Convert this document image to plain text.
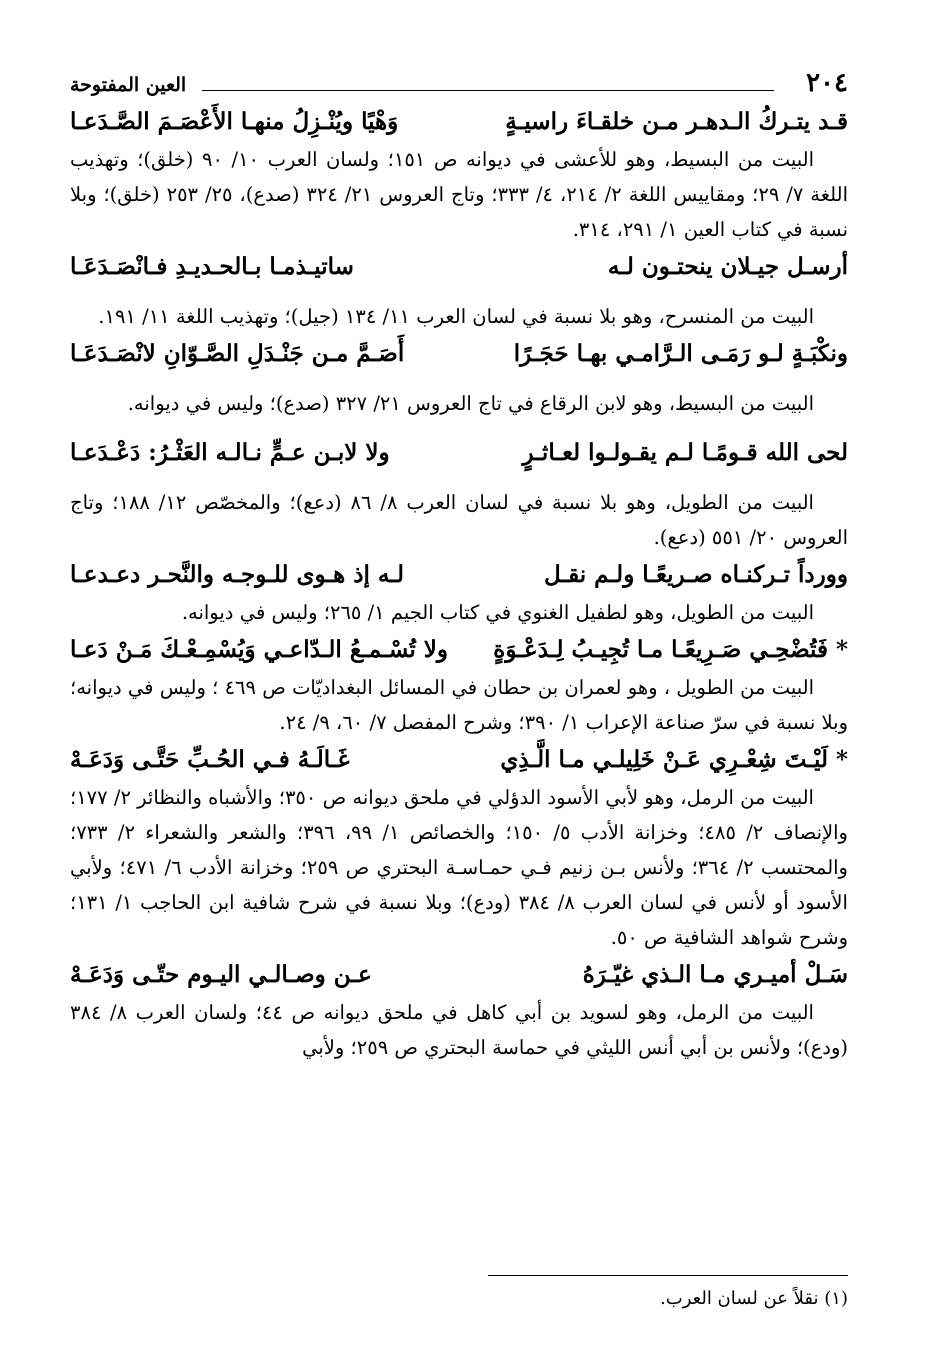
٢٠٤
العين المفتوحة
قـد يتـركُ الـدهـر مـن خلقـاءَ راسيـةٍ
وَهْيًا ويُنْـزِلُ منهـا الأَعْصَـمَ الصَّـدَعـا

البيت من البسيط، وهو للأعشى في ديوانه ص ١٥١؛ ولسان العرب ١٠/ ٩٠ (خلق)؛ وتهذيب اللغة ٧/ ٢٩؛ ومقاييس اللغة ٢/ ٢١٤، ٤/ ٣٣٣؛ وتاج العروس ٢١/ ٣٢٤ (صدع)، ٢٥/ ٢٥٣ (خلق)؛ وبلا نسبة في كتاب العين ١/ ٢٩١، ٣١٤.

أرسـل جيـلان ينحتـون لـه
ساتيـذمـا بـالحـديـدِ فـانْصَـدَعَـا

البيت من المنسرح، وهو بلا نسبة في لسان العرب ١١/ ١٣٤ (جيل)؛ وتهذيب اللغة ١١/ ١٩١.

ونكْبَـةٍ لـو رَمَـى الـرَّامـي بهـا حَجَـرًا
أَصَـمَّ مـن جَنْـدَلِ الصَّـوّانِ لانْصَـدَعَـا

البيت من البسيط، وهو لابن الرقاع في تاج العروس ٢١/ ٣٢٧ (صدع)؛ وليس في ديوانه.

لحى الله قـومًـا لـم يقـولـوا لعـاثـرٍ
ولا لابـن عـمٍّ نـالـه العَثْـرُ: دَعْـدَعـا

البيت من الطويل، وهو بلا نسبة في لسان العرب ٨/ ٨٦ (دعع)؛ والمخصّص ١٢/ ١٨٨؛ وتاج العروس ٢٠/ ٥٥١ (دعع).

وورداً تـركنـاه صـريعًـا ولـم نقـل
لـه إذ هـوى للـوجـه والنَّحـر دعـدعـا

البيت من الطويل، وهو لطفيل الغنوي في كتاب الجيم ١/ ٢٦٥؛ وليس في ديوانه.

* فَتُضْحِـي صَـرِيعًـا مـا تُجِيـبُ لِـدَعْـوَةٍ
ولا تُسْـمـعُ الـدّاعـي وَيُسْمِـعْـكَ مَـنْ دَعـا

البيت من الطويل ، وهو لعمران بن حطان في المسائل البغداديّات ص ٤٦٩ ؛ وليس في ديوانه؛ وبلا نسبة في سرّ صناعة الإعراب ١/ ٣٩٠؛ وشرح المفصل ٧/ ٦٠، ٩/ ٢٤.

* لَيْـتَ شِعْـرِي عَـنْ خَلِيلـي مـا الَّـذِي
غَـالَـهُ فـي الحُـبِّ حَتَّـى وَدَعَـهْ

البيت من الرمل، وهو لأبي الأسود الدؤلي في ملحق ديوانه ص ٣٥٠؛ والأشباه والنظائر ٢/ ١٧٧؛ والإنصاف ٢/ ٤٨٥؛ وخزانة الأدب ٥/ ١٥٠؛ والخصائص ١/ ٩٩، ٣٩٦؛ والشعر والشعراء ٢/ ٧٣٣؛ والمحتسب ٢/ ٣٦٤؛ ولأنس بـن زنيم فـي حمـاسـة البحتري ص ٢٥٩؛ وخزانة الأدب ٦/ ٤٧١؛ ولأبي الأسود أو لأنس في لسان العرب ٨/ ٣٨٤ (ودع)؛ وبلا نسبة في شرح شافية ابن الحاجب ١/ ١٣١؛ وشرح شواهد الشافية ص ٥٠.

سَـلْ أميـري مـا الـذي غيّـرَهُ
عـن وصـالـي اليـوم حتّـى وَدَعَـهْ

البيت من الرمل، وهو لسويد بن أبي كاهل في ملحق ديوانه ص ٤٤؛ ولسان العرب ٨/ ٣٨٤ (ودع)؛ ولأنس بن أبي أنس الليثي في حماسة البحتري ص ٢٥٩؛ ولأبي

(١) نقلاً عن لسان العرب.
